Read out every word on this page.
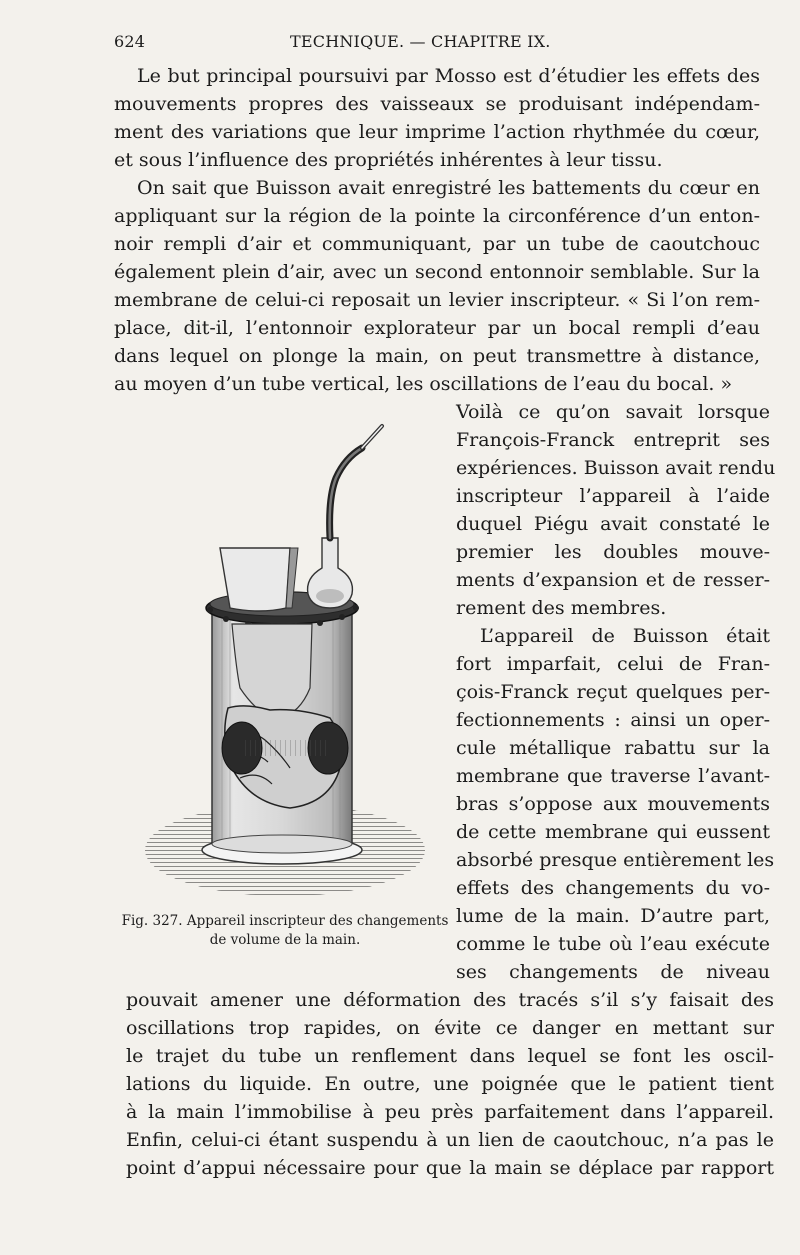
624	TECHNIQUE. — CHAPITRE IX.
Le but principal poursuivi par Mosso est d’étudier les effets des
mouvements propres des vaisseaux se produisant indépendam-
ment des variations que leur imprime l’action rhythmée du cœur,
et sous l’influence des propriétés inhérentes à leur tissu.
On sait que Buisson avait enregistré les battements du cœur en
appliquant sur la région de la pointe la circonférence d’un enton-
noir rempli d’air et communiquant, par un tube de caoutchouc
également plein d’air, avec un second entonnoir semblable. Sur la
membrane de celui-ci reposait un levier inscripteur. « Si l’on rem-
place, dit-il, l’entonnoir explorateur par un bocal rempli d’eau
dans lequel on plonge la main, on peut transmettre à distance,
au moyen d’un tube vertical, les oscillations de l’eau du bocal. »
Voilà ce qu’on savait lorsque
François-Franck entreprit ses
expériences. Buisson avait rendu
inscripteur l’appareil à l’aide
duquel Piégu avait constaté le
premier les doubles mouve-
ments d’expansion et de resser-
rement des membres.
L’appareil de Buisson était
fort imparfait, celui de Fran-
çois-Franck reçut quelques per-
fectionnements : ainsi un oper-
cule métallique rabattu sur la
membrane que traverse l’avant-
bras s’oppose aux mouvements
de cette membrane qui eussent
absorbé presque entièrement les
effets des changements du vo-
lume de la main. D’autre part,
comme le tube où l’eau exécute
ses changements de niveau
pouvait amener une déformation des tracés s’il s’y faisait des
oscillations trop rapides, on évite ce danger en mettant sur
le trajet du tube un renflement dans lequel se font les oscil-
lations du liquide. En outre, une poignée que le patient tient
à la main l’immobilise à peu près parfaitement dans l’appareil.
Enfin, celui-ci étant suspendu à un lien de caoutchouc, n’a pas le
point d’appui nécessaire pour que la main se déplace par rapport
Fig. 327. Appareil inscripteur des changements
de volume de la main.
